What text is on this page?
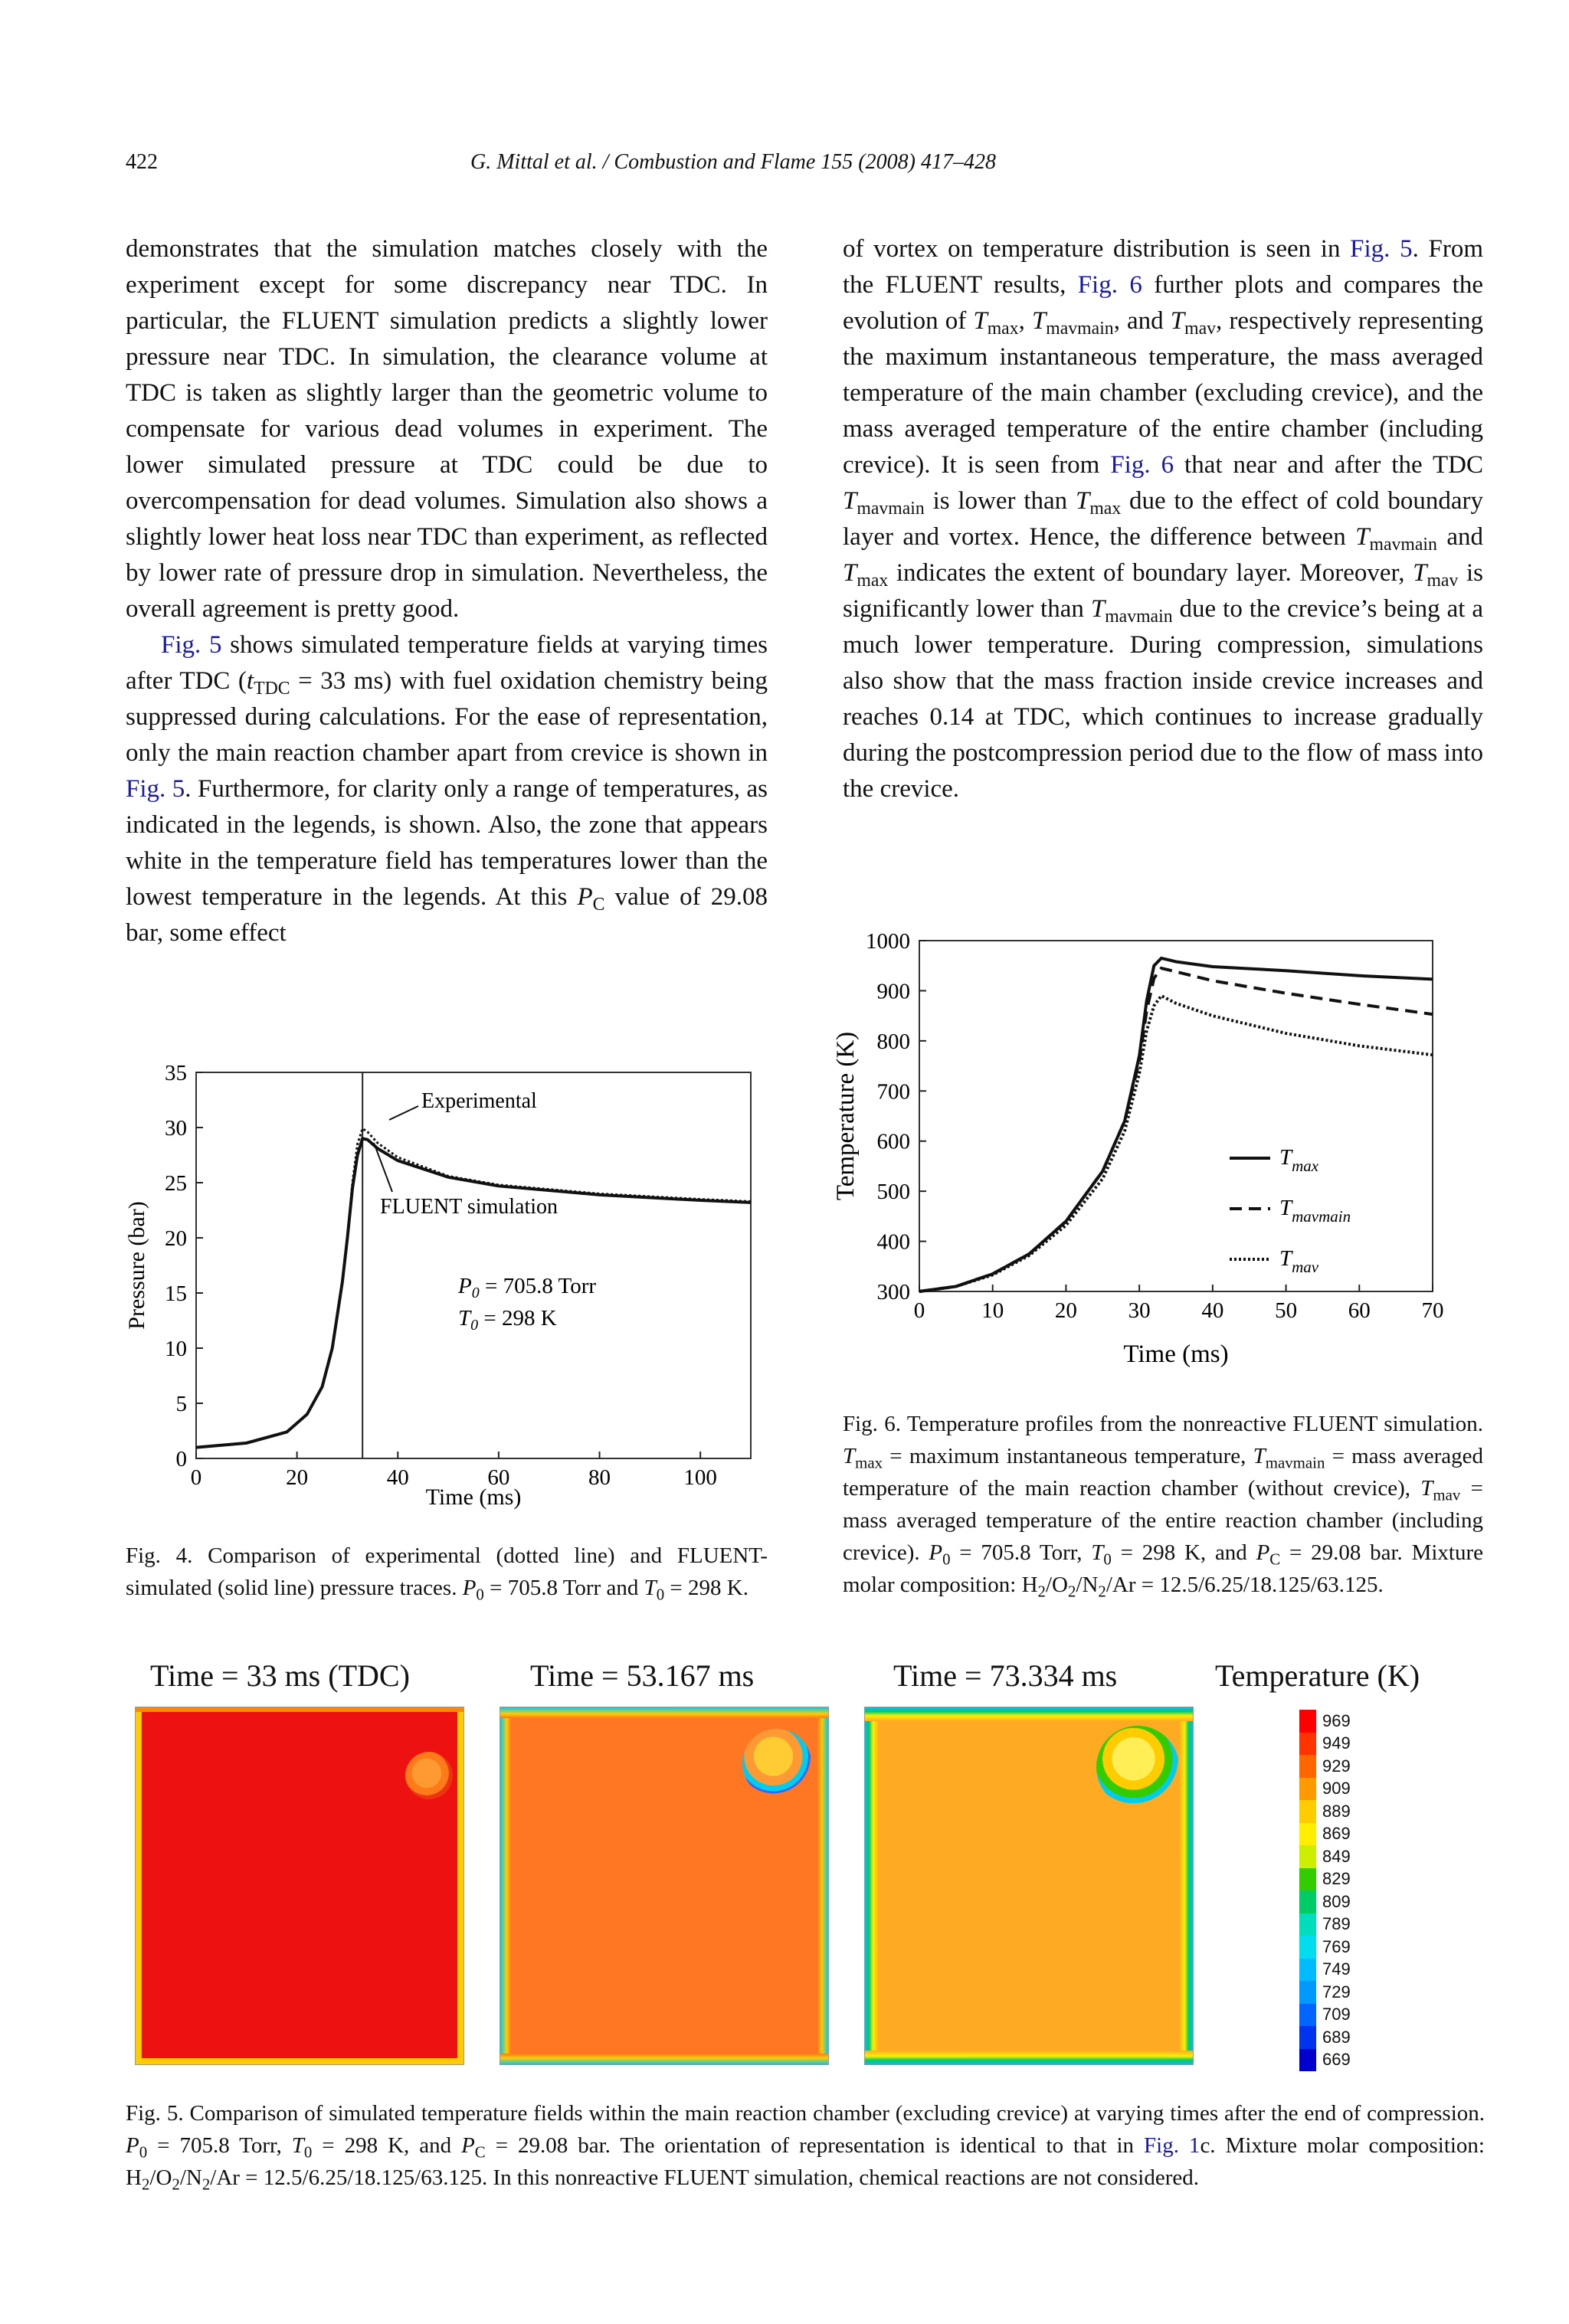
422	G. Mittal et al. / Combustion and Flame 155 (2008) 417–428

demonstrates that the simulation matches closely with the experiment except for some discrepancy near TDC. In particular, the FLUENT simulation predicts a slightly lower pressure near TDC. In simulation, the clearance volume at TDC is taken as slightly larger than the geometric volume to compensate for various dead volumes in experiment. The lower simulated pressure at TDC could be due to overcompensation for dead volumes. Simulation also shows a slightly lower heat loss near TDC than experiment, as reflected by lower rate of pressure drop in simulation. Nevertheless, the overall agreement is pretty good.

Fig. 5 shows simulated temperature fields at varying times after TDC ($t_{TDC} = 33$ ms) with fuel oxidation chemistry being suppressed during calculations. For the ease of representation, only the main reaction chamber apart from crevice is shown in Fig. 5. Furthermore, for clarity only a range of temperatures, as indicated in the legends, is shown. Also, the zone that appears white in the temperature field has temperatures lower than the lowest temperature in the legends. At this $P_C$ value of 29.08 bar, some effect

of vortex on temperature distribution is seen in Fig. 5. From the FLUENT results, Fig. 6 further plots and compares the evolution of $T_{max}$, $T_{mavmain}$, and $T_{mav}$, respectively representing the maximum instantaneous temperature, the mass averaged temperature of the main chamber (excluding crevice), and the mass averaged temperature of the entire chamber (including crevice). It is seen from Fig. 6 that near and after the TDC $T_{mavmain}$ is lower than $T_{max}$ due to the effect of cold boundary layer and vortex. Hence, the difference between $T_{mavmain}$ and $T_{max}$ indicates the extent of boundary layer. Moreover, $T_{mav}$ is significantly lower than $T_{mavmain}$ due to the crevice’s being at a much lower temperature. During compression, simulations also show that the mass fraction inside crevice increases and reaches 0.14 at TDC, which continues to increase gradually during the postcompression period due to the flow of mass into the crevice.

0	20	40	60	80	100
0
5
10
15
20
25
30
35
Time (ms)
Pressure (bar)
Experimental
FLUENT simulation
$P_0 = 705.8$ Torr
$T_0 = 298$ K

Fig. 4. Comparison of experimental (dotted line) and FLUENT-simulated (solid line) pressure traces. $P_0 = 705.8$ Torr and $T_0 = 298$ K.

0	10 20 30 40 50 60 70
300
400
500
600
700
800
900
1000
Time (ms)
Temperature (K)	$T_{max}$
$T_{mavmain}$
$T_{mav}$

Fig. 6. Temperature profiles from the nonreactive FLUENT simulation. $T_{max}$ = maximum instantaneous temperature, $T_{mavmain}$ = mass averaged temperature of the main reaction chamber (without crevice), $T_{mav}$ = mass averaged temperature of the entire reaction chamber (including crevice). $P_0 = 705.8$ Torr, $T_0 = 298$ K, and $P_C = 29.08$ bar. Mixture molar composition: $H_2/O_2/N_2/Ar = 12.5/6.25/18.125/63.125$.

Time = 33 ms (TDC)	Time = 53.167 ms	Time = 73.334 ms	Temperature (K)
969
949
929
909
889
869
849
829
809
789
769
749
729
709
689
669

Fig. 5. Comparison of simulated temperature fields within the main reaction chamber (excluding crevice) at varying times after the end of compression. $P_0 = 705.8$ Torr, $T_0 = 298$ K, and $P_C = 29.08$ bar. The orientation of representation is identical to that in Fig. 1c. Mixture molar composition: $H_2/O_2/N_2/Ar = 12.5/6.25/18.125/63.125$. In this nonreactive FLUENT simulation, chemical reactions are not considered.
